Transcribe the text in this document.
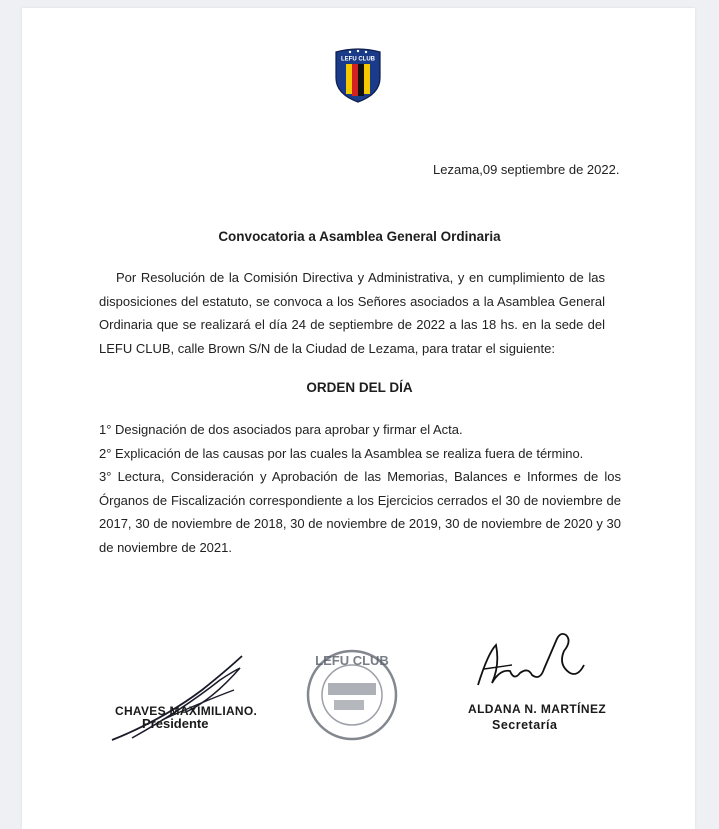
LEFU CLUB
Lezama,09 septiembre de 2022.
Convocatoria a Asamblea General Ordinaria

Por Resolución de la Comisión Directiva y Administrativa, y en cumplimiento de las disposiciones del estatuto, se convoca a los Señores asociados a la Asamblea General Ordinaria que se realizará el día 24 de septiembre de 2022 a las 18 hs. en la sede del LEFU CLUB, calle Brown S/N de la Ciudad de Lezama, para tratar el siguiente:

ORDEN DEL DÍA
1° Designación de dos asociados para aprobar y firmar el Acta.
2° Explicación de las causas por las cuales la Asamblea se realiza fuera de término.
3° Lectura, Consideración y Aprobación de las Memorias, Balances e Informes de los Órganos de Fiscalización correspondiente a los Ejercicios cerrados el 30 de noviembre de 2017, 30 de noviembre de 2018, 30 de noviembre de 2019, 30 de noviembre de 2020 y 30 de noviembre de 2021.
CHAVES MAXIMILIANO.
Presidente
LEFU CLUB
ALDANA N. MARTÍNEZ
Secretaría
